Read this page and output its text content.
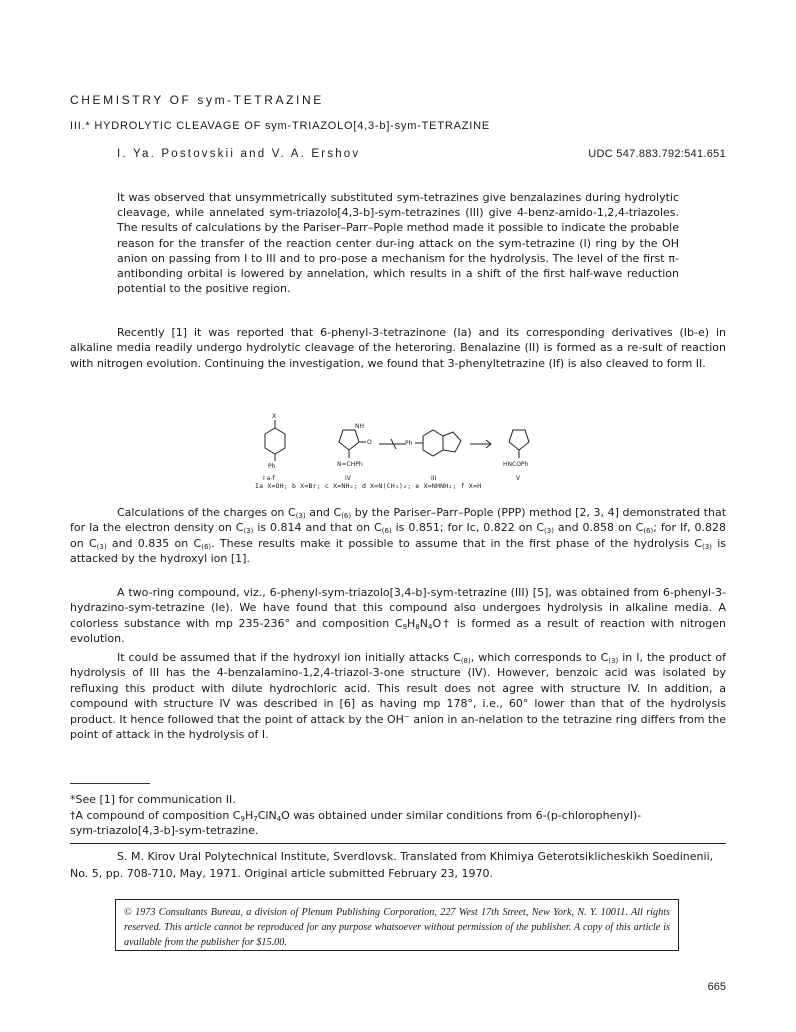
CHEMISTRY OF sym-TETRAZINE
III.* HYDROLYTIC CLEAVAGE OF sym-TRIAZOLO[4,3-b]-sym-TETRAZINE
I. Ya. Postovskii and V. A. Ershov	UDC 547.883.792:541.651
It was observed that unsymmetrically substituted sym-tetrazines give benzalazines during hydrolytic cleavage, while annelated sym-triazolo[4,3-b]-sym-tetrazines (III) give 4-benz-amido-1,2,4-triazoles. The results of calculations by the Pariser–Parr–Pople method made it possible to indicate the probable reason for the transfer of the reaction center dur-ing attack on the sym-tetrazine (I) ring by the OH anion on passing from I to III and to pro-pose a mechanism for the hydrolysis. The level of the first π-antibonding orbital is lowered by annelation, which results in a shift of the first half-wave reduction potential to the positive region.
Recently [1] it was reported that 6-phenyl-3-tetrazinone (Ia) and its corresponding derivatives (Ib-e) in alkaline media readily undergo hydrolytic cleavage of the heteroring. Benalazine (II) is formed as a re-sult of reaction with nitrogen evolution. Continuing the investigation, we found that 3-phenyltetrazine (If) is also cleaved to form II.
X
Ph
I a-f
NH
O
N=CHPh
IV
Ph
III
HNCOPh
V
Ia X=OH; b X=Br; c X=NH₂; d X=N(CH₃)₂; e X=NHNH₂; f X=H
Calculations of the charges on $C_{(3)}$ and $C_{(6)}$ by the Pariser–Parr–Pople (PPP) method [2, 3, 4] demonstrated that for Ia the electron density on $C_{(3)}$ is 0.814 and that on $C_{(6)}$ is 0.851; for Ic, 0.822 on $C_{(3)}$ and 0.858 on $C_{(6)}$; for If, 0.828 on $C_{(3)}$ and 0.835 on $C_{(6)}$. These results make it possible to assume that in the first phase of the hydrolysis $C_{(3)}$ is attacked by the hydroxyl ion [1].
A two-ring compound, viz., 6-phenyl-sym-triazolo[3,4-b]-sym-tetrazine (III) [5], was obtained from 6-phenyl-3-hydrazino-sym-tetrazine (Ie). We have found that this compound also undergoes hydrolysis in alkaline media. A colorless substance with mp 235-236° and composition $C_9H_8N_4O\dagger$ is formed as a result of reaction with nitrogen evolution.
It could be assumed that if the hydroxyl ion initially attacks $C_{(8)}$, which corresponds to $C_{(3)}$ in I, the product of hydrolysis of III has the 4-benzalamino-1,2,4-triazol-3-one structure (IV). However, benzoic acid was isolated by refluxing this product with dilute hydrochloric acid. This result does not agree with structure IV. In addition, a compound with structure IV was described in [6] as having mp 178°, i.e., 60° lower than that of the hydrolysis product. It hence followed that the point of attack by the OH− anion in an-nelation to the tetrazine ring differs from the point of attack in the hydrolysis of I.
*See [1] for communication II.
†A compound of composition $C_9H_7ClN_4O$ was obtained under similar conditions from 6-(p-chlorophenyl)-
sym-triazolo[4,3-b]-sym-tetrazine.
S. M. Kirov Ural Polytechnical Institute, Sverdlovsk. Translated from Khimiya Geterotsiklicheskikh Soedinenii, No. 5, pp. 708-710, May, 1971. Original article submitted February 23, 1970.
© 1973 Consultants Bureau, a division of Plenum Publishing Corporation, 227 West 17th Street, New York, N. Y. 10011. All rights reserved. This article cannot be reproduced for any purpose whatsoever without permission of the publisher. A copy of this article is available from the publisher for $15.00.
665
